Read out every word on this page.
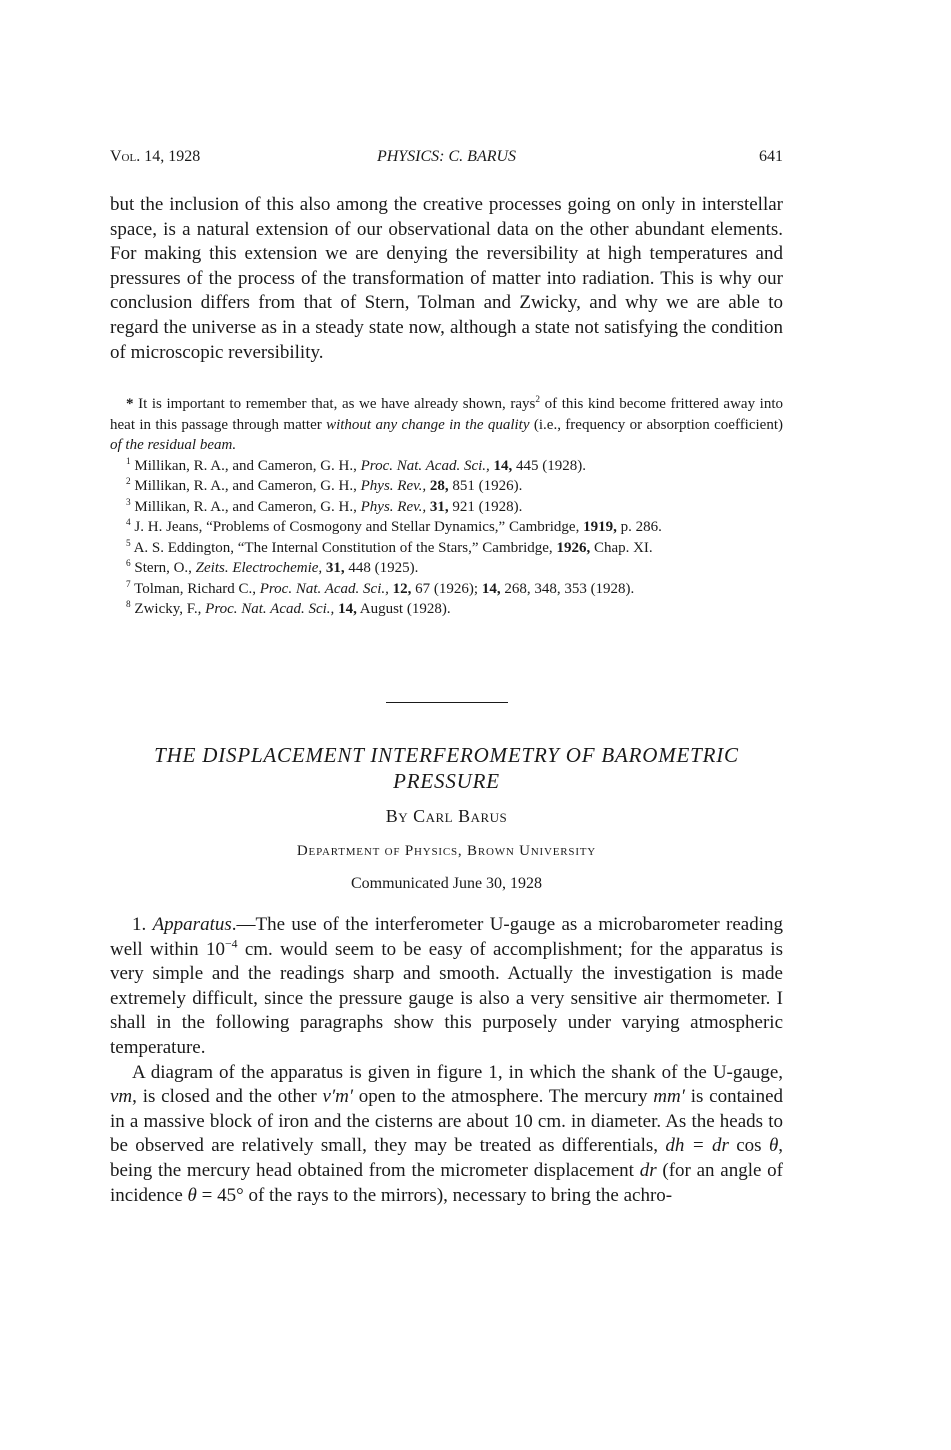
Vol. 14, 1928	PHYSICS: C. BARUS	641

but the inclusion of this also among the creative processes going on only in interstellar space, is a natural extension of our observational data on the other abundant elements. For making this extension we are denying the reversibility at high temperatures and pressures of the process of the transformation of matter into radiation. This is why our conclusion differs from that of Stern, Tolman and Zwicky, and why we are able to regard the universe as in a steady state now, although a state not satisfying the condition of microscopic reversibility.

* It is important to remember that, as we have already shown, rays$^2$ of this kind become frittered away into heat in this passage through matter without any change in the quality (i.e., frequency or absorption coefficient) of the residual beam.

$^1$ Millikan, R. A., and Cameron, G. H., Proc. Nat. Acad. Sci., 14, 445 (1928).

$^2$ Millikan, R. A., and Cameron, G. H., Phys. Rev., 28, 851 (1926).

$^3$ Millikan, R. A., and Cameron, G. H., Phys. Rev., 31, 921 (1928).

$^4$ J. H. Jeans, “Problems of Cosmogony and Stellar Dynamics,” Cambridge, 1919, p. 286.

$^5$ A. S. Eddington, “The Internal Constitution of the Stars,” Cambridge, 1926, Chap. XI.

$^6$ Stern, O., Zeits. Electrochemie, 31, 448 (1925).

$^7$ Tolman, Richard C., Proc. Nat. Acad. Sci., 12, 67 (1926); 14, 268, 348, 353 (1928).

$^8$ Zwicky, F., Proc. Nat. Acad. Sci., 14, August (1928).

THE DISPLACEMENT INTERFEROMETRY OF BAROMETRIC
PRESSURE
By Carl Barus
Department of Physics, Brown University
Communicated June 30, 1928

1. Apparatus.—The use of the interferometer U-gauge as a microbarometer reading well within $10^{-4}$ cm. would seem to be easy of accomplishment; for the apparatus is very simple and the readings sharp and smooth. Actually the investigation is made extremely difficult, since the pressure gauge is also a very sensitive air thermometer. I shall in the following paragraphs show this purposely under varying atmospheric temperature.

A diagram of the apparatus is given in figure 1, in which the shank of the U-gauge, vm, is closed and the other v′m′ open to the atmosphere. The mercury mm′ is contained in a massive block of iron and the cisterns are about 10 cm. in diameter. As the heads to be observed are relatively small, they may be treated as differentials, dh = dr cos θ, being the mercury head obtained from the micrometer displacement dr (for an angle of incidence θ = 45° of the rays to the mirrors), necessary to bring the achro-
